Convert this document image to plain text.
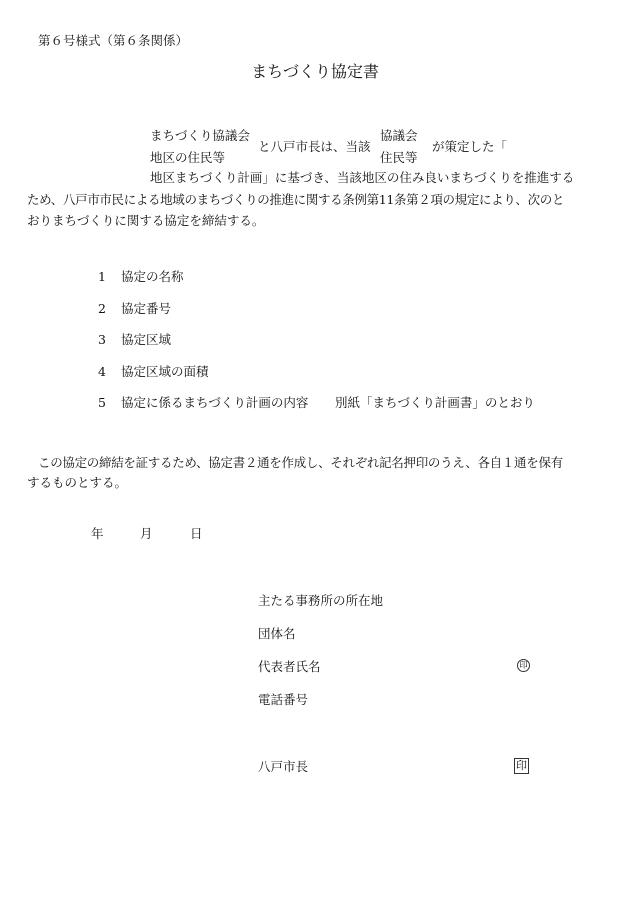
第６号様式（第６条関係）
まちづくり協定書
まちづくり協議会
地区の住民等
と八戸市長は、当該
協議会
住民等
が策定した「
地区まちづくり計画」に基づき、当該地区の住み良いまちづくりを推進する
ため、八戸市市民による地域のまちづくりの推進に関する条例第11条第２項の規定により、次のと
おりまちづくりに関する協定を締結する。
1 協定の名称
2 協定番号
3 協定区域
4 協定区域の面積
5 協定に係るまちづくり計画の内容 別紙「まちづくり計画書」のとおり
この協定の締結を証するため、協定書２通を作成し、それぞれ記名押印のうえ、各自１通を保有
するものとする。
年	月	日
主たる事務所の所在地
団体名
代表者氏名	印
電話番号
八戸市長	印
